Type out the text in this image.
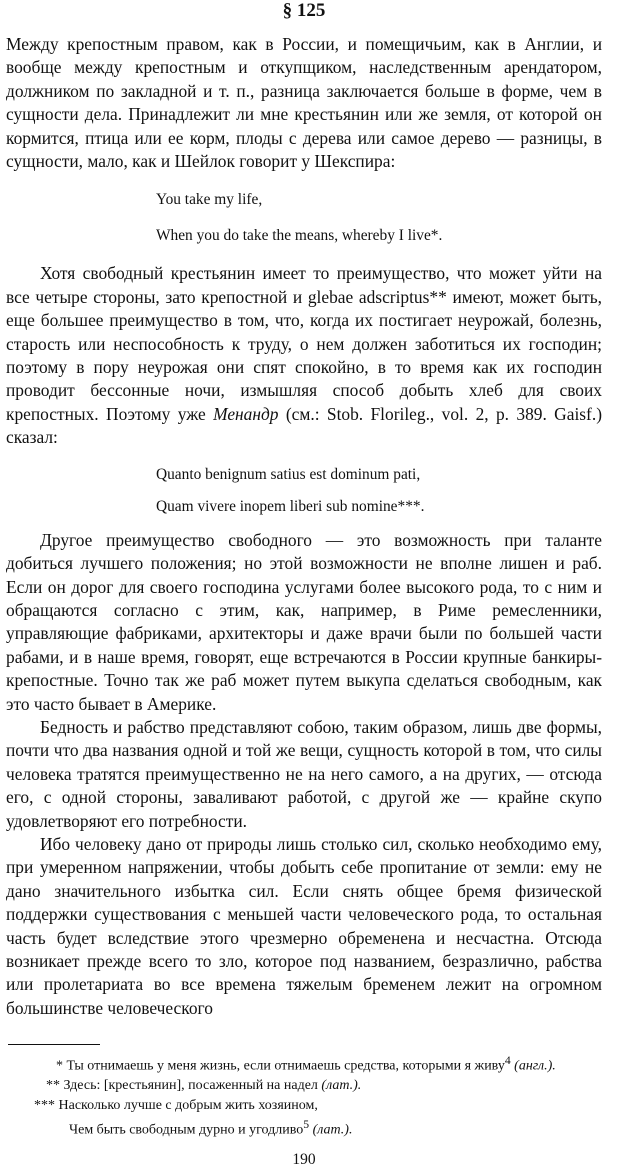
§ 125

Между крепостным правом, как в России, и помещичьим, как в Англии, и вообще между крепостным и откупщиком, наследственным арендатором, должником по закладной и т. п., разница заключается больше в форме, чем в сущности дела. Принадлежит ли мне крестьянин или же земля, от которой он кормится, птица или ее корм, плоды с дерева или самое дерево — разницы, в сущности, мало, как и Шейлок говорит у Шекспира:

You take my life,

When you do take the means, whereby I live*.

Хотя свободный крестьянин имеет то преимущество, что может уйти на все четыре стороны, зато крепостной и glebae adscriptus** имеют, может быть, еще большее преимущество в том, что, когда их постигает неурожай, болезнь, старость или неспособность к труду, о нем должен заботиться их господин; поэтому в пору неурожая они спят спокойно, в то время как их господин проводит бессонные ночи, измышляя способ добыть хлеб для своих крепостных. Поэтому уже Менандр (см.: Stob. Florileg., vol. 2, p. 389. Gaisf.) сказал:

Quanto benignum satius est dominum pati,

Quam vivere inopem liberi sub nomine***.

Другое преимущество свободного — это возможность при таланте добиться лучшего положения; но этой возможности не вполне лишен и раб. Если он дорог для своего господина услугами более высокого рода, то с ним и обращаются согласно с этим, как, например, в Риме ремесленники, управляющие фабриками, архитекторы и даже врачи были по большей части рабами, и в наше время, говорят, еще встречаются в России крупные банкиры-крепостные. Точно так же раб может путем выкупа сделаться свободным, как это часто бывает в Америке.

Бедность и рабство представляют собою, таким образом, лишь две формы, почти что два названия одной и той же вещи, сущность которой в том, что силы человека тратятся преимущественно не на него самого, а на других, — отсюда его, с одной стороны, заваливают работой, с другой же — крайне скупо удовлетворяют его потребности.

Ибо человеку дано от природы лишь столько сил, сколько необходимо ему, при умеренном напряжении, чтобы добыть себе пропитание от земли: ему не дано значительного избытка сил. Если снять общее бремя физической поддержки существования с меньшей части человеческого рода, то остальная часть будет вследствие этого чрезмерно обременена и несчастна. Отсюда возникает прежде всего то зло, которое под названием, безразлично, рабства или пролетариата во все времена тяжелым бременем лежит на огромном большинстве человеческого

* Ты отнимаешь у меня жизнь, если отнимаешь средства, которыми я живу$^4$ (англ.).

** Здесь: [крестьянин], посаженный на надел (лат.).

*** Насколько лучше с добрым жить хозяином,

Чем быть свободным дурно и угодливо$^5$ (лат.).

190
